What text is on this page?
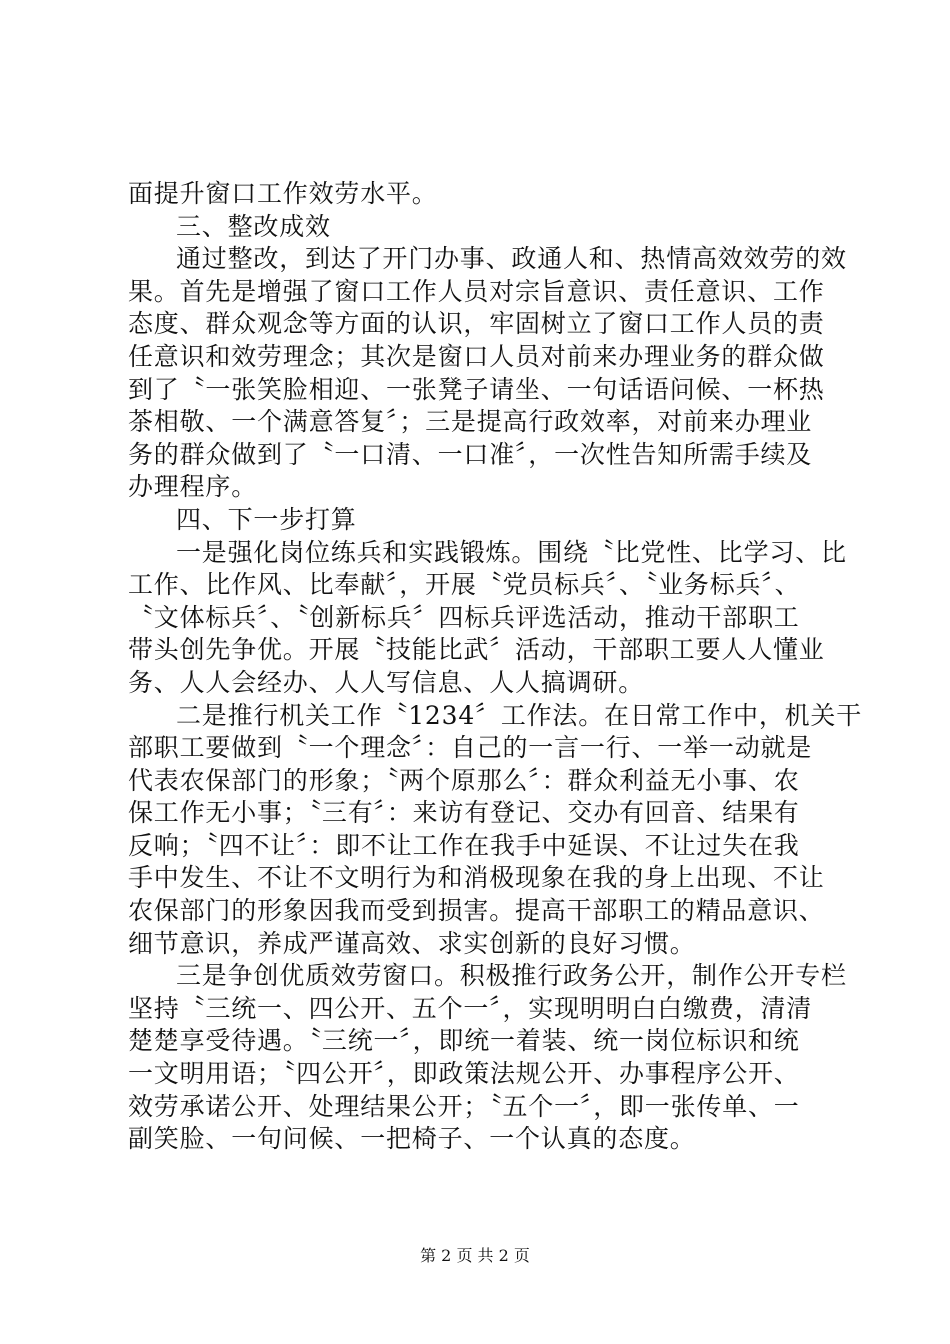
面提升窗口工作效劳水平。
三、整改成效
通过整改，到达了开门办事、政通人和、热情高效效劳的效
果。首先是增强了窗口工作人员对宗旨意识、责任意识、工作
态度、群众观念等方面的认识，牢固树立了窗口工作人员的责
任意识和效劳理念；其次是窗口人员对前来办理业务的群众做
到了〝一张笑脸相迎、一张凳子请坐、一句话语问候、一杯热
茶相敬、一个满意答复〞；三是提高行政效率，对前来办理业
务的群众做到了〝一口清、一口准〞，一次性告知所需手续及
办理程序。
四、下一步打算
一是强化岗位练兵和实践锻炼。围绕〝比党性、比学习、比
工作、比作风、比奉献〞，开展〝党员标兵〞、〝业务标兵〞、
〝文体标兵〞、〝创新标兵〞四标兵评选活动，推动干部职工
带头创先争优。开展〝技能比武〞活动，干部职工要人人懂业
务、人人会经办、人人写信息、人人搞调研。
二是推行机关工作〝1234〞工作法。在日常工作中，机关干
部职工要做到〝一个理念〞：自己的一言一行、一举一动就是
代表农保部门的形象；〝两个原那么〞：群众利益无小事、农
保工作无小事；〝三有〞：来访有登记、交办有回音、结果有
反响；〝四不让〞：即不让工作在我手中延误、不让过失在我
手中发生、不让不文明行为和消极现象在我的身上出现、不让
农保部门的形象因我而受到损害。提高干部职工的精品意识、
细节意识，养成严谨高效、求实创新的良好习惯。
三是争创优质效劳窗口。积极推行政务公开，制作公开专栏
坚持〝三统一、四公开、五个一〞，实现明明白白缴费，清清
楚楚享受待遇。〝三统一〞，即统一着装、统一岗位标识和统
一文明用语；〝四公开〞，即政策法规公开、办事程序公开、
效劳承诺公开、处理结果公开；〝五个一〞，即一张传单、一
副笑脸、一句问候、一把椅子、一个认真的态度。
第 2 页 共 2 页
